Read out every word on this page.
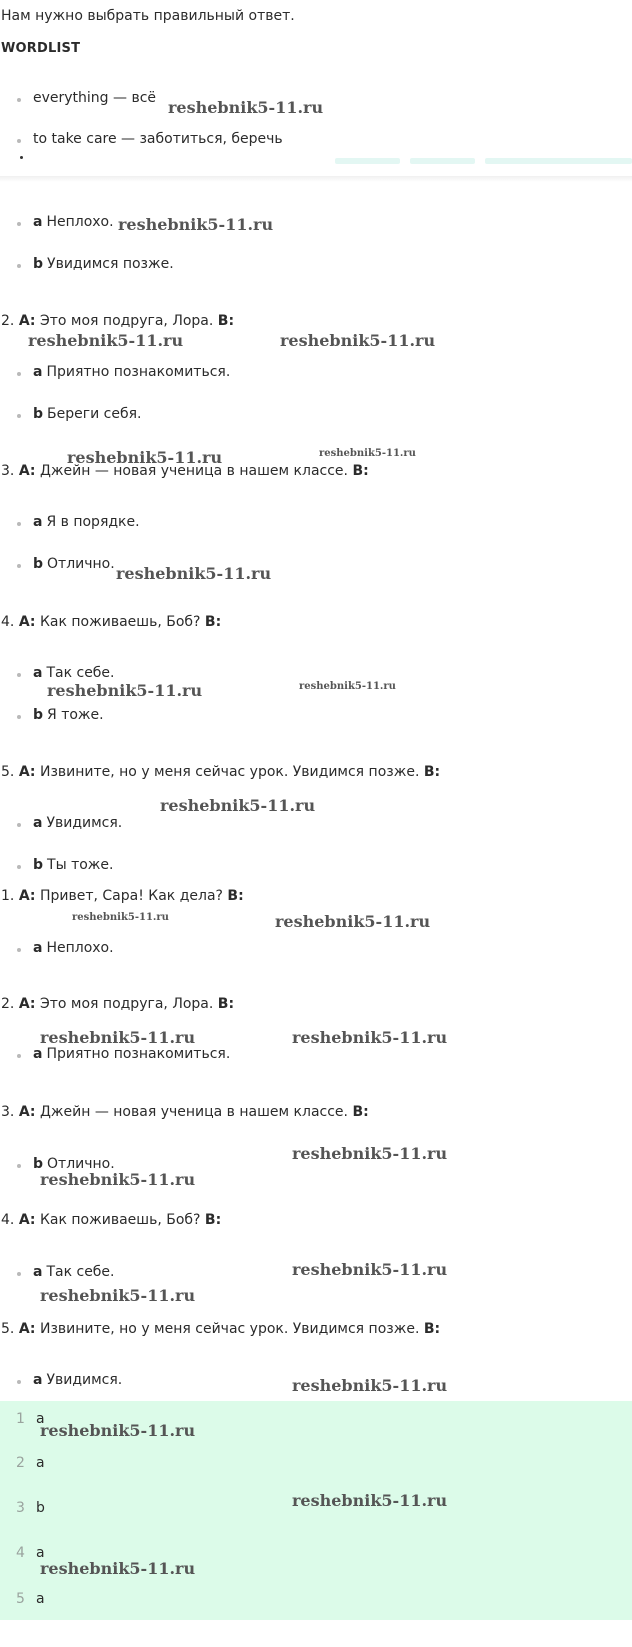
Нам нужно выбрать правильный ответ.
WORDLIST
everything — всё
to take care — заботиться, беречь
a Неплохо.
b Увидимся позже.
2. A: Это моя подруга, Лора. B:
a Приятно познакомиться.
b Береги себя.
3. A: Джейн — новая ученица в нашем классе. B:
a Я в порядке.
b Отлично.
4. A: Как поживаешь, Боб? B:
a Так себе.
b Я тоже.
5. A: Извините, но у меня сейчас урок. Увидимся позже. B:
a Увидимся.
b Ты тоже.
1. A: Привет, Сара! Как дела? B:
a Неплохо.
2. A: Это моя подруга, Лора. B:
a Приятно познакомиться.
3. A: Джейн — новая ученица в нашем классе. B:
b Отлично.
4. A: Как поживаешь, Боб? B:
a Так себе.
5. A: Извините, но у меня сейчас урок. Увидимся позже. B:
a Увидимся.
1 a
2 a
3 b
4 a
5 a
reshebnik5-11.ru
reshebnik5-11.ru
reshebnik5-11.ru	reshebnik5-11.ru
reshebnik5-11.ru	reshebnik5-11.ru
reshebnik5-11.ru
reshebnik5-11.ru	reshebnik5-11.ru
reshebnik5-11.ru
reshebnik5-11.ru	reshebnik5-11.ru
reshebnik5-11.ru	reshebnik5-11.ru
reshebnik5-11.ru
reshebnik5-11.ru
reshebnik5-11.ru
reshebnik5-11.ru
reshebnik5-11.ru
reshebnik5-11.ru
reshebnik5-11.ru
reshebnik5-11.ru
